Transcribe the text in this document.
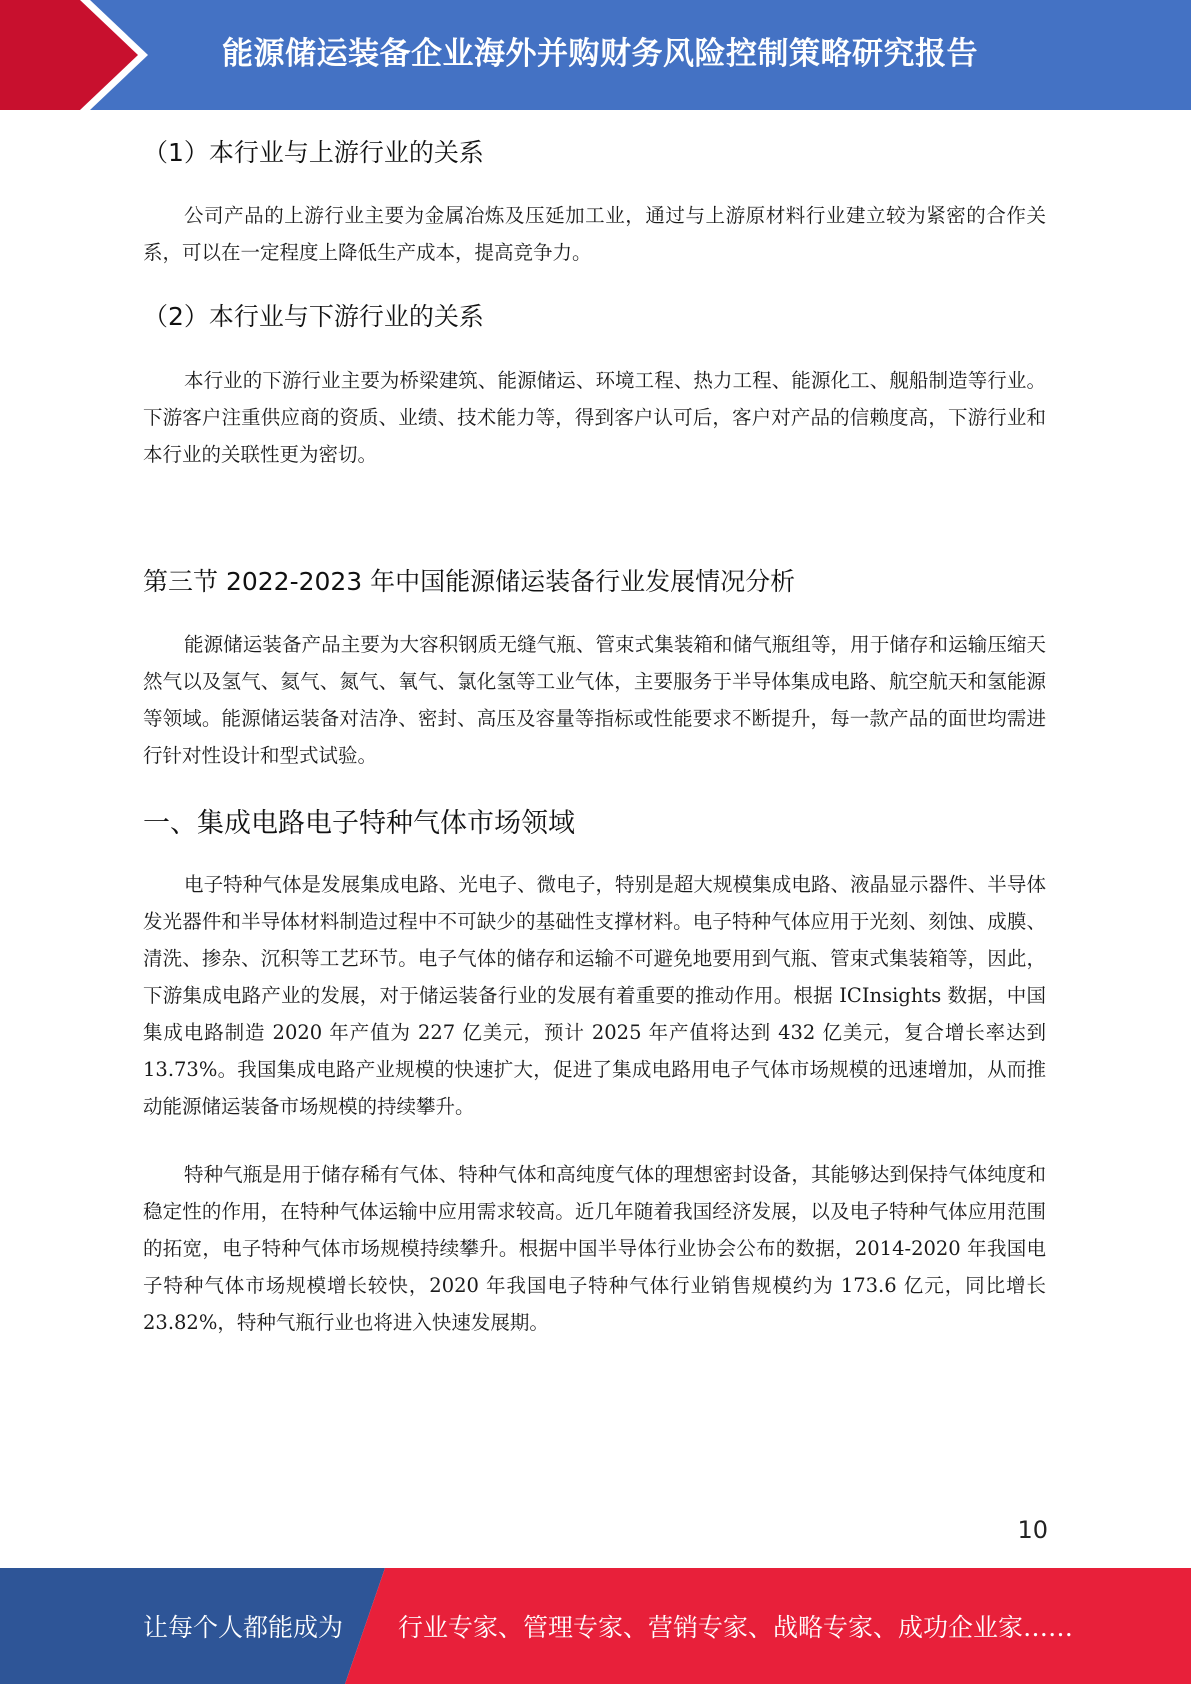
能源储运装备企业海外并购财务风险控制策略研究报告
（1）本行业与上游行业的关系
公司产品的上游行业主要为金属冶炼及压延加工业，通过与上游原材料行业建立较为紧密的合作关系，可以在一定程度上降低生产成本，提高竞争力。
（2）本行业与下游行业的关系
本行业的下游行业主要为桥梁建筑、能源储运、环境工程、热力工程、能源化工、舰船制造等行业。下游客户注重供应商的资质、业绩、技术能力等，得到客户认可后，客户对产品的信赖度高，下游行业和本行业的关联性更为密切。
第三节 2022-2023 年中国能源储运装备行业发展情况分析
能源储运装备产品主要为大容积钢质无缝气瓶、管束式集装箱和储气瓶组等，用于储存和运输压缩天然气以及氢气、氦气、氮气、氧气、氯化氢等工业气体，主要服务于半导体集成电路、航空航天和氢能源等领域。能源储运装备对洁净、密封、高压及容量等指标或性能要求不断提升，每一款产品的面世均需进行针对性设计和型式试验。
一、集成电路电子特种气体市场领域
电子特种气体是发展集成电路、光电子、微电子，特别是超大规模集成电路、液晶显示器件、半导体发光器件和半导体材料制造过程中不可缺少的基础性支撑材料。电子特种气体应用于光刻、刻蚀、成膜、清洗、掺杂、沉积等工艺环节。电子气体的储存和运输不可避免地要用到气瓶、管束式集装箱等，因此，下游集成电路产业的发展，对于储运装备行业的发展有着重要的推动作用。根据 ICInsights 数据，中国集成电路制造 2020 年产值为 227 亿美元，预计 2025 年产值将达到 432 亿美元，复合增长率达到 13.73%。我国集成电路产业规模的快速扩大，促进了集成电路用电子气体市场规模的迅速增加，从而推动能源储运装备市场规模的持续攀升。
特种气瓶是用于储存稀有气体、特种气体和高纯度气体的理想密封设备，其能够达到保持气体纯度和稳定性的作用，在特种气体运输中应用需求较高。近几年随着我国经济发展，以及电子特种气体应用范围的拓宽，电子特种气体市场规模持续攀升。根据中国半导体行业协会公布的数据，2014-2020 年我国电子特种气体市场规模增长较快，2020 年我国电子特种气体行业销售规模约为 173.6 亿元，同比增长 23.82%，特种气瓶行业也将进入快速发展期。
10
让每个人都能成为 行业专家、管理专家、营销专家、战略专家、成功企业家……
